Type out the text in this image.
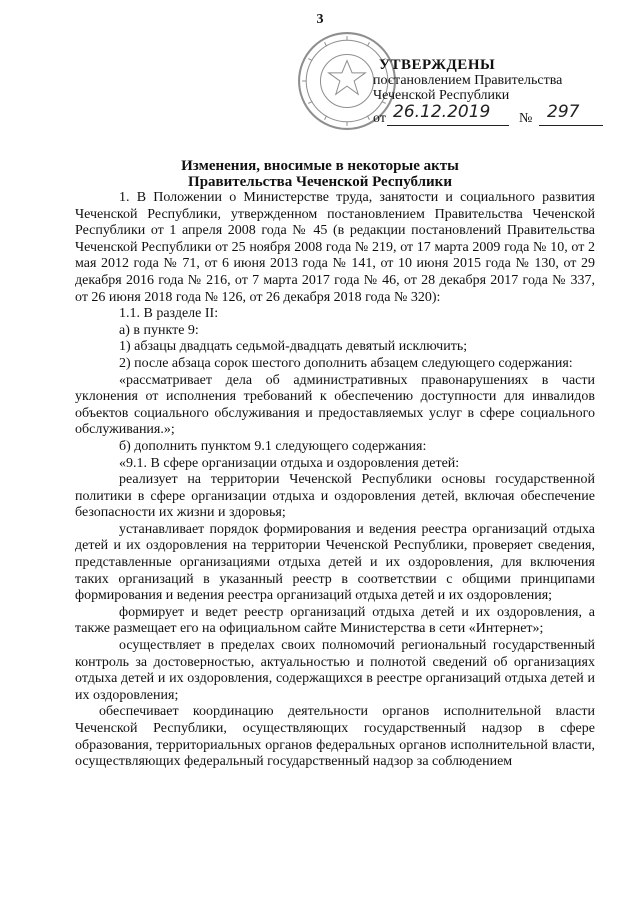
3
УТВЕРЖДЕНЫ
постановлением Правительства
Чеченской Республики
от 26.12.2019 № 297
Изменения, вносимые в некоторые акты
Правительства Чеченской Республики

1. В Положении о Министерстве труда, занятости и социального развития Чеченской Республики, утвержденном постановлением Правительства Чеченской Республики от 1 апреля 2008 года № 45 (в редакции постановлений Правительства Чеченской Республики от 25 ноября 2008 года № 219, от 17 марта 2009 года № 10, от 2 мая 2012 года № 71, от 6 июня 2013 года № 141, от 10 июня 2015 года № 130, от 29 декабря 2016 года № 216, от 7 марта 2017 года № 46, от 28 декабря 2017 года № 337, от 26 июня 2018 года № 126, от 26 декабря 2018 года № 320):

1.1. В разделе II:

а) в пункте 9:

1) абзацы двадцать седьмой-двадцать девятый исключить;

2) после абзаца сорок шестого дополнить абзацем следующего содержания:

«рассматривает дела об административных правонарушениях в части уклонения от исполнения требований к обеспечению доступности для инвалидов объектов социального обслуживания и предоставляемых услуг в сфере социального обслуживания.»;

б) дополнить пунктом 9.1 следующего содержания:

«9.1. В сфере организации отдыха и оздоровления детей:

реализует на территории Чеченской Республики основы государственной политики в сфере организации отдыха и оздоровления детей, включая обеспечение безопасности их жизни и здоровья;

устанавливает порядок формирования и ведения реестра организаций отдыха детей и их оздоровления на территории Чеченской Республики, проверяет сведения, представленные организациями отдыха детей и их оздоровления, для включения таких организаций в указанный реестр в соответствии с общими принципами формирования и ведения реестра организаций отдыха детей и их оздоровления;

формирует и ведет реестр организаций отдыха детей и их оздоровления, а также размещает его на официальном сайте Министерства в сети «Интернет»;

осуществляет в пределах своих полномочий региональный государственный контроль за достоверностью, актуальностью и полнотой сведений об организациях отдыха детей и их оздоровления, содержащихся в реестре организаций отдыха детей и их оздоровления;

обеспечивает координацию деятельности органов исполнительной власти Чеченской Республики, осуществляющих государственный надзор в сфере образования, территориальных органов федеральных органов исполнительной власти, осуществляющих федеральный государственный надзор за соблюдением
